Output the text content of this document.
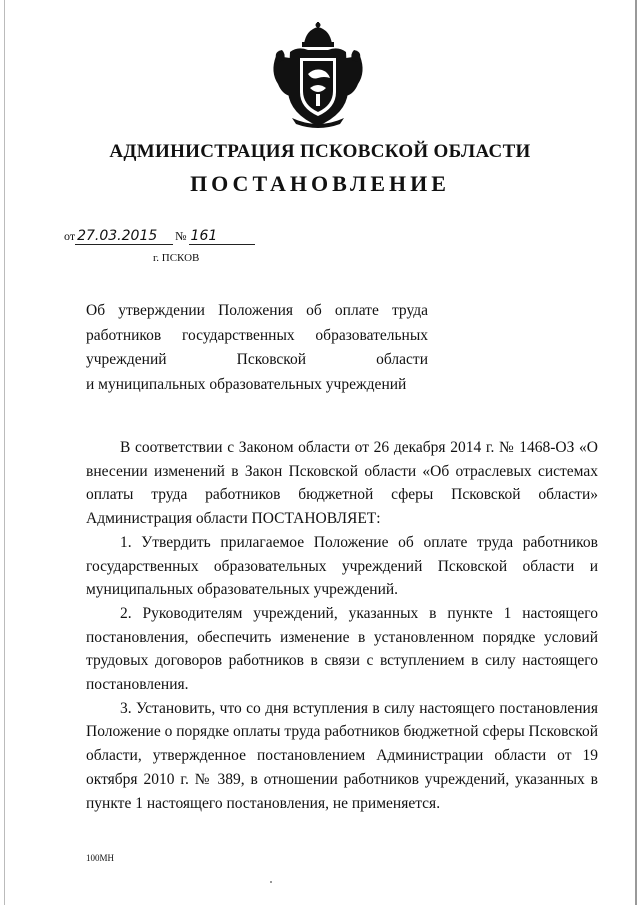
АДМИНИСТРАЦИЯ ПСКОВСКОЙ ОБЛАСТИ
ПОСТАНОВЛЕНИЕ
от 27.03.2015 № 161
г. ПСКОВ
Об утверждении Положения об оплате труда
работников государственных образовательных
учреждений Псковской области
и муниципальных образовательных учреждений

В соответствии с Законом области от 26 декабря 2014 г. № 1468-ОЗ «О внесении изменений в Закон Псковской области «Об отраслевых системах оплаты труда работников бюджетной сферы Псковской области» Администрация области ПОСТАНОВЛЯЕТ:

1. Утвердить прилагаемое Положение об оплате труда работников государственных образовательных учреждений Псковской области и муниципальных образовательных учреждений.

2. Руководителям учреждений, указанных в пункте 1 настоящего постановления, обеспечить изменение в установленном порядке условий трудовых договоров работников в связи с вступлением в силу настоящего постановления.

3. Установить, что со дня вступления в силу настоящего постановления Положение о порядке оплаты труда работников бюджетной сферы Псковской области, утвержденное постановлением Администрации области от 19 октября 2010 г. № 389, в отношении работников учреждений, указанных в пункте 1 настоящего постановления, не применяется.

100МН
